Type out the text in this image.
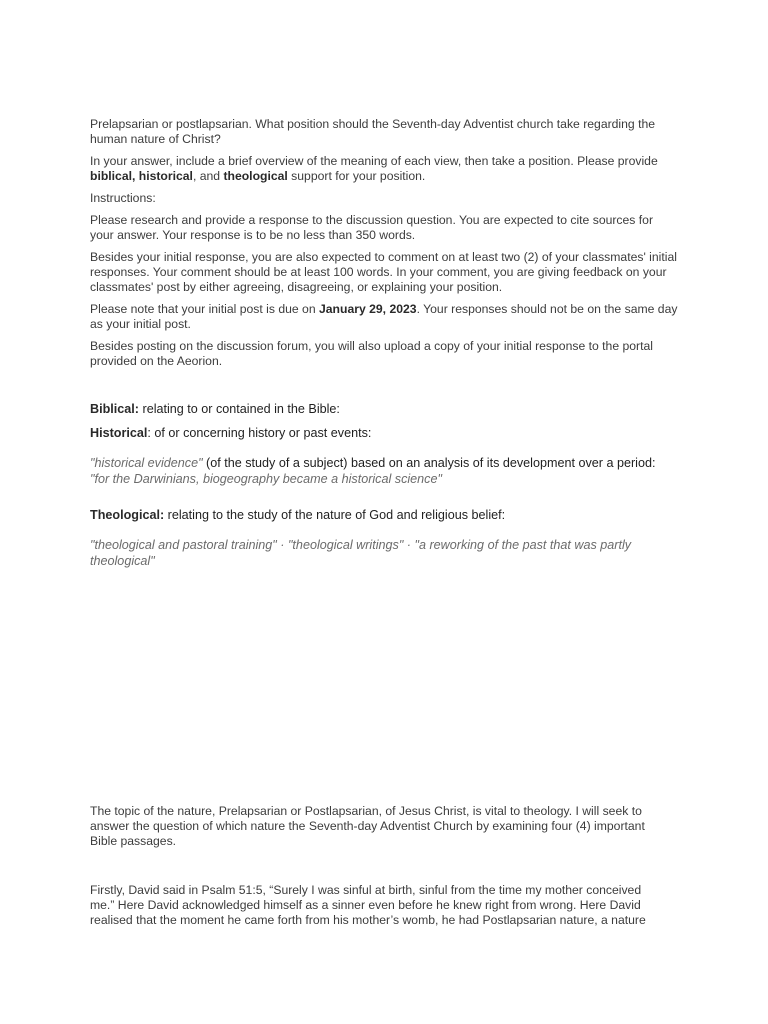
Prelapsarian or postlapsarian. What position should the Seventh-day Adventist church take regarding the human nature of Christ?

In your answer, include a brief overview of the meaning of each view, then take a position. Please provide biblical, historical, and theological support for your position.

Instructions:

Please research and provide a response to the discussion question. You are expected to cite sources for your answer. Your response is to be no less than 350 words.

Besides your initial response, you are also expected to comment on at least two (2) of your classmates' initial responses. Your comment should be at least 100 words. In your comment, you are giving feedback on your classmates' post by either agreeing, disagreeing, or explaining your position.

Please note that your initial post is due on January 29, 2023. Your responses should not be on the same day as your initial post.

Besides posting on the discussion forum, you will also upload a copy of your initial response to the portal provided on the Aeorion.

Biblical: relating to or contained in the Bible:

Historical: of or concerning history or past events:

"historical evidence" (of the study of a subject) based on an analysis of its development over a period:
"for the Darwinians, biogeography became a historical science"

Theological: relating to the study of the nature of God and religious belief:

"theological and pastoral training" · "theological writings" · "a reworking of the past that was partly theological"

The topic of the nature, Prelapsarian or Postlapsarian, of Jesus Christ, is vital to theology. I will seek to answer the question of which nature the Seventh-day Adventist Church by examining four (4) important Bible passages.

Firstly, David said in Psalm 51:5, “Surely I was sinful at birth, sinful from the time my mother conceived me.” Here David acknowledged himself as a sinner even before he knew right from wrong. Here David realised that the moment he came forth from his mother’s womb, he had Postlapsarian nature, a nature
